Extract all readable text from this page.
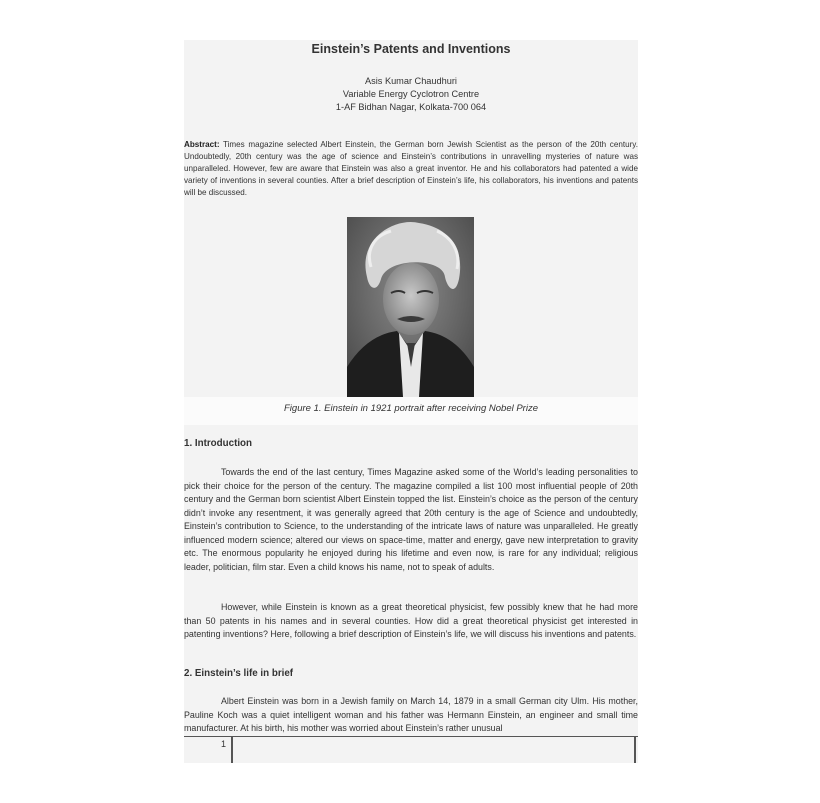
Einstein’s Patents and Inventions
Asis Kumar Chaudhuri
Variable Energy Cyclotron Centre
1-AF Bidhan Nagar, Kolkata-700 064
Abstract: Times magazine selected Albert Einstein, the German born Jewish Scientist as the person of the 20th century. Undoubtedly, 20th century was the age of science and Einstein’s contributions in unravelling mysteries of nature was unparalleled. However, few are aware that Einstein was also a great inventor. He and his collaborators had patented a wide variety of inventions in several counties. After a brief description of Einstein’s life, his collaborators, his inventions and patents will be discussed.
Figure 1. Einstein in 1921 portrait after receiving Nobel Prize
1. Introduction
Towards the end of the last century, Times Magazine asked some of the World’s leading personalities to pick their choice for the person of the century. The magazine compiled a list 100 most influential people of 20th century and the German born scientist Albert Einstein topped the list. Einstein’s choice as the person of the century didn’t invoke any resentment, it was generally agreed that 20th century is the age of Science and undoubtedly, Einstein’s contribution to Science, to the understanding of the intricate laws of nature was unparalleled. He greatly influenced modern science; altered our views on space-time, matter and energy, gave new interpretation to gravity etc. The enormous popularity he enjoyed during his lifetime and even now, is rare for any individual; religious leader, politician, film star. Even a child knows his name, not to speak of adults.
However, while Einstein is known as a great theoretical physicist, few possibly knew that he had more than 50 patents in his names and in several counties. How did a great theoretical physicist get interested in patenting inventions? Here, following a brief description of Einstein’s life, we will discuss his inventions and patents.
2. Einstein’s life in brief
Albert Einstein was born in a Jewish family on March 14, 1879 in a small German city Ulm. His mother, Pauline Koch was a quiet intelligent woman and his father was Hermann Einstein, an engineer and small time manufacturer. At his birth, his mother was worried about Einstein’s rather unusual
1
